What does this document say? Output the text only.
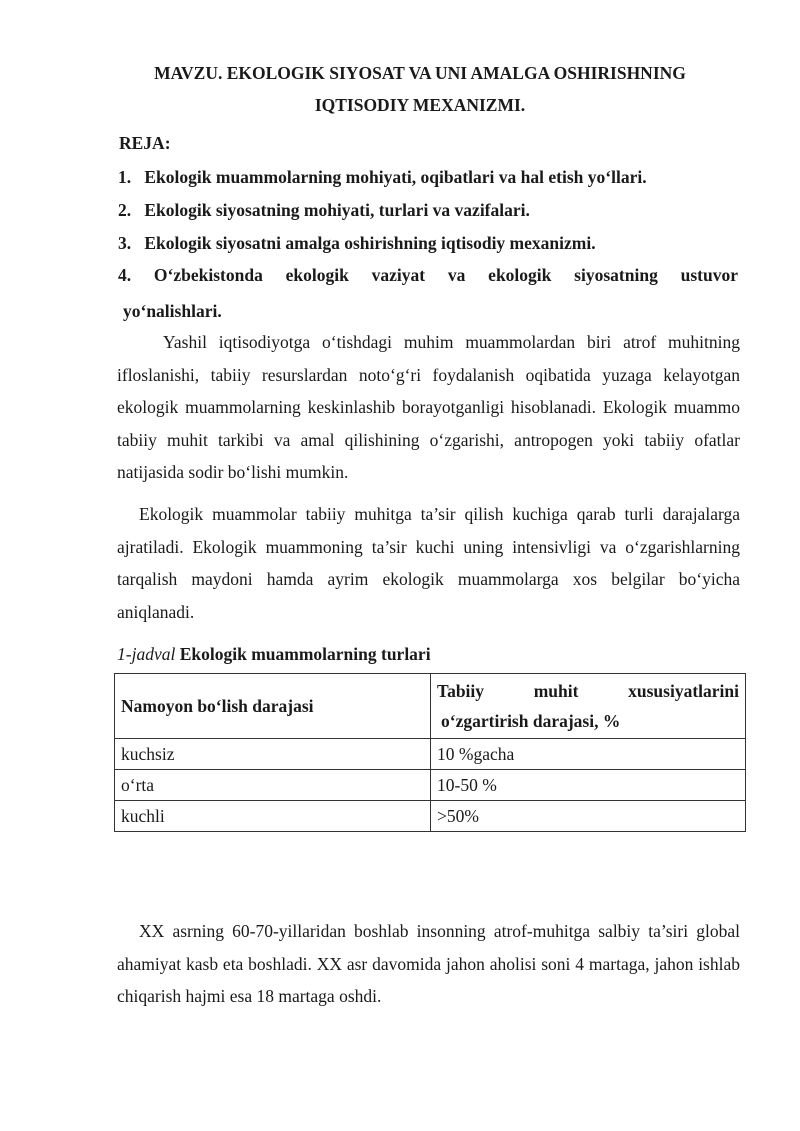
MAVZU. EKOLOGIK SIYOSAT VA UNI AMALGA OSHIRISHNING
IQTISODIY MEXANIZMI.
REJA:
1. Ekologik muammolarning mohiyati, oqibatlari va hal etish yo‘llari.
2. Ekologik siyosatning mohiyati, turlari va vazifalari.
3. Ekologik siyosatni amalga oshirishning iqtisodiy mexanizmi.
4. O‘zbekistonda ekologik vaziyat va ekologik siyosatning ustuvor
yo‘nalishlari.
Yashil iqtisodiyotga o‘tishdagi muhim muammolardan biri atrof muhitning ifloslanishi, tabiiy resurslardan noto‘g‘ri foydalanish oqibatida yuzaga kelayotgan ekologik muammolarning keskinlashib borayotganligi hisoblanadi. Ekologik muammo tabiiy muhit tarkibi va amal qilishining o‘zgarishi, antropogen yoki tabiiy ofatlar natijasida sodir bo‘lishi mumkin.
Ekologik muammolar tabiiy muhitga ta’sir qilish kuchiga qarab turli darajalarga ajratiladi. Ekologik muammoning ta’sir kuchi uning intensivligi va o‘zgarishlarning tarqalish maydoni hamda ayrim ekologik muammolarga xos belgilar bo‘yicha aniqlanadi.
1-jadval Ekologik muammolarning turlari
Namoyon bo‘lish darajasi	Tabiiy muhit xususiyatlarini
o‘zgartirish darajasi, %

kuchsiz	10 %gacha
o‘rta	10-50 %
kuchli	>50%
XX asrning 60-70-yillaridan boshlab insonning atrof-muhitga salbiy ta’siri global ahamiyat kasb eta boshladi. XX asr davomida jahon aholisi soni 4 martaga, jahon ishlab chiqarish hajmi esa 18 martaga oshdi.
